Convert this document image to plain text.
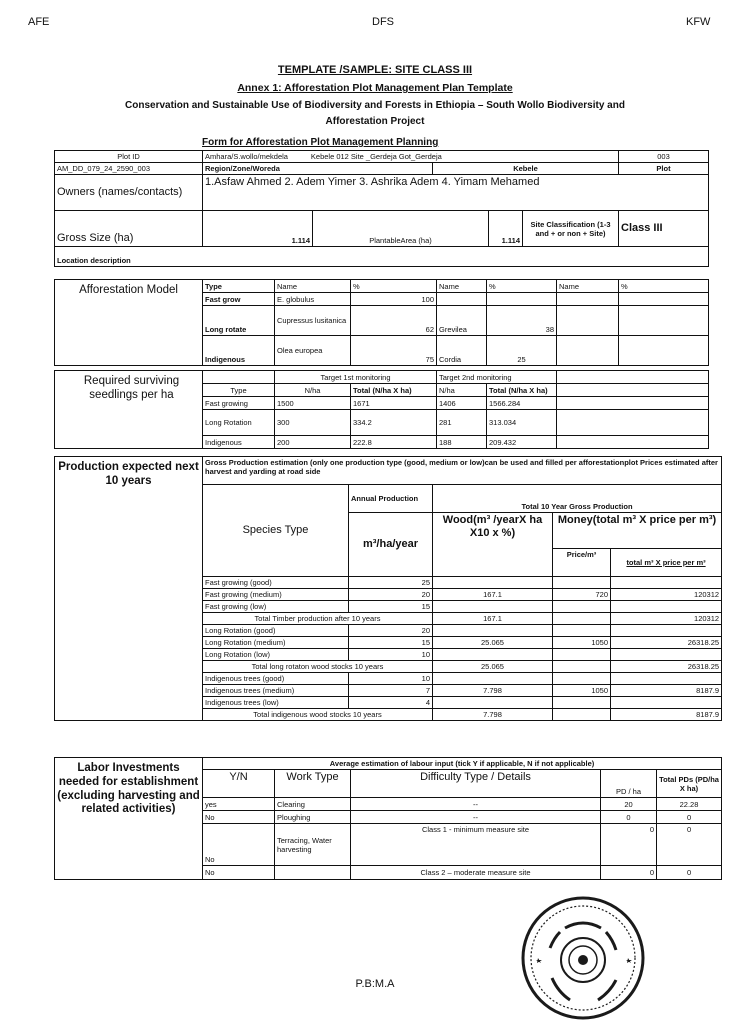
AFE	DFS	KFW
TEMPLATE /SAMPLE: SITE CLASS III
Annex 1: Afforestation Plot Management Plan Template
Conservation and Sustainable Use of Biodiversity and Forests in Ethiopia – South Wollo Biodiversity and
Afforestation Project
Form for Afforestation Plot Management Planning
Plot ID	Amhara/S.wollo/mekdela Kebele 012 Site _Gerdeja Got_Gerdeja					003
AM_DD_079_24_2590_003	Region/Zone/Woreda		Kebele			Plot
Owners (names/contacts)	1.Asfaw Ahmed 2. Adem Yimer 3. Ashrika Adem 4. Yimam Mehamed					
Gross Size (ha)	1.114	PlantableArea (ha)		1.114	Site Classification (1-3 and + or non + Site)	Class III
Location description						
Afforestation Model	Type	Name	%	Name	%	Name	%
	Fast grow	E. globulus	100				
	Long rotate	Cupressus lusitanica	62	Grevilea	38		
	Indigenous	Olea europea	75	Cordia	25		
Required surviving seedlings per ha		Target 1st monitoring		Target 2nd monitoring		
	Type	N/ha	Total (N/ha X ha)	N/ha	Total (N/ha X ha)	
	Fast growing	1500	1671	1406	1566.284	
	Long Rotation	300	334.2	281	313.034	
	Indigenous	200	222.8	188	209.432	
Production expected next 10 years	Gross Production estimation (only one production type (good, medium or low)can be used and filled per afforestationplot Prices estimated after harvest and yarding at road side				
	Species Type	Annual Production	Total 10 Year Gross Production		
		m³/ha/year	Wood(m³ /yearX ha X10 x %)	Money(total m³ X price per m³)	
				Price/m³	total m³ X price per m³
	Fast growing (good)	25			
	Fast growing (medium)	20	167.1	720	120312
	Fast growing (low)	15			
	Total Timber production after 10 years		167.1		120312
	Long Rotation (good)	20			
	Long Rotation (medium)	15	25.065	1050	26318.25
	Long Rotation (low)	10			
	Total long rotaton wood stocks 10 years		25.065		26318.25
	Indigenous trees (good)	10			
	Indigenous trees (medium)	7	7.798	1050	8187.9
	Indigenous trees (low)	4			
	Total indigenous wood stocks 10 years		7.798		8187.9
Labor Investments needed for establishment (excluding harvesting and related activities)	Average estimation of labour input (tick Y if applicable, N if not applicable)				
	Y/N	Work Type	Difficulty Type / Details	PD / ha	Total PDs (PD/ha X ha)
	yes	Clearing	--	20	22.28
	No	Ploughing	--	0	0
	No	Terracing, Water harvesting	Class 1 - minimum measure site	0	0
	No		Class 2 – moderate measure site	0	0
P.B:M.A
